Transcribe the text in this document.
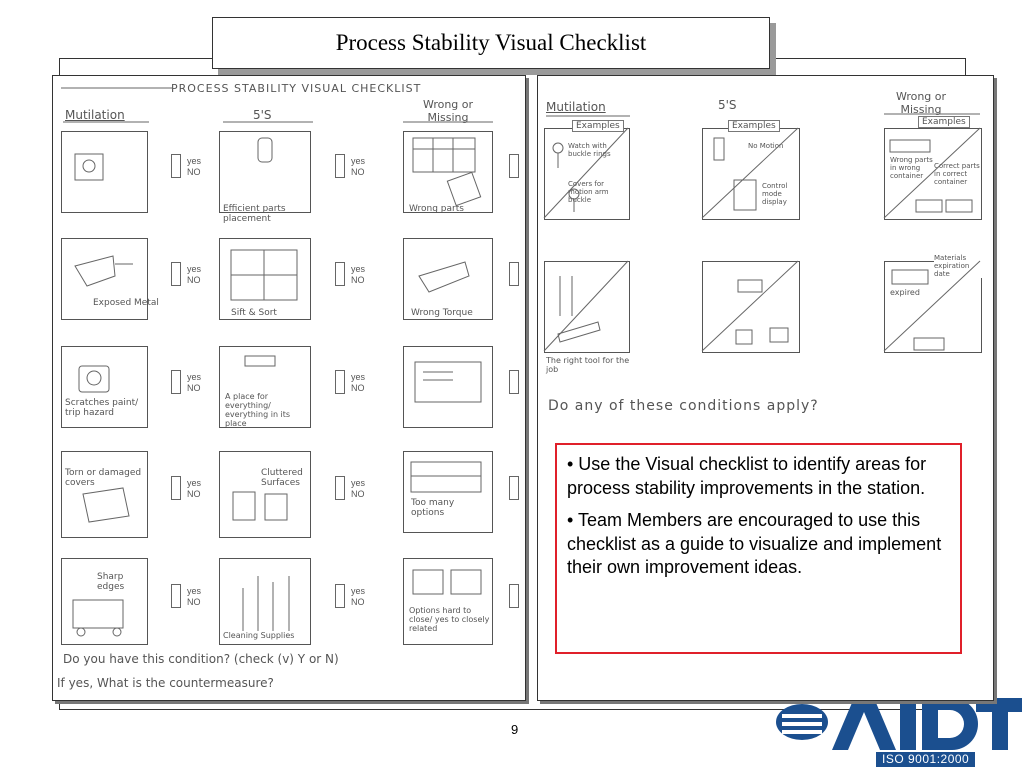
Process Stability Visual Checklist
PROCESS STABILITY VISUAL CHECKLIST
Mutilation	5'S
Wrong or Missing
yes
NO
Efficient parts placement
yes
NO
Wrong parts
Exposed Metal
yes
NO
Sift & Sort
yes
NO
Wrong Torque
Scratches paint/ trip hazard
yes
NO
A place for everything/ everything in its place
yes
NO
Torn or damaged covers	yes
NO
Cluttered Surfaces	yes
NO
Too many options
Sharp edges	yes
NO
Cleaning Supplies
yes
NO
Options hard to close/ yes to closely related
Do you have this condition? (check (v) Y or N)
If yes, What is the countermeasure?
Mutilation	5'S
Wrong or Missing
Examples	Examples	Examples
Watch with buckle rings
Covers for motion arm buckle
No Motion
Control mode display
Wrong parts in wrong container
Correct parts in correct container
Materials expiration date
expired
The right tool for the job
Do any of these conditions apply?

• Use the Visual checklist to identify areas for process stability improvements in the station.

• Team Members are encouraged to use this checklist as a guide to visualize and implement their own improvement ideas.

9
ISO 9001:2000
